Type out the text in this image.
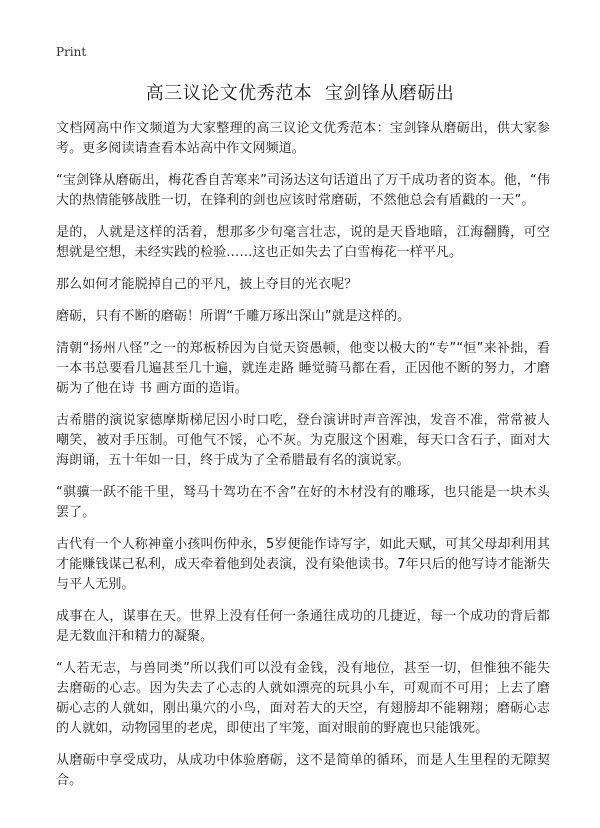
Print
高三议论文优秀范本  宝剑锋从磨砺出

文档网高中作文频道为大家整理的高三议论文优秀范本：宝剑锋从磨砺出，供大家参考。更多阅读请查看本站高中作文网频道。

“宝剑锋从磨砺出，梅花香自苦寒来”司汤达这句话道出了万千成功者的资本。他，“伟大的热情能够战胜一切，在锋利的剑也应该时常磨砺，不然他总会有盾戳的一天”。

是的，人就是这样的活着，想那多少句毫言壮志，说的是天昏地暗，江海翻腾，可空想就是空想，未经实践的检验……这也正如失去了白雪梅花一样平凡。

那么如何才能脱掉自己的平凡，披上夺目的光衣呢？

磨砺，只有不断的磨砺！所谓“千雕万琢出深山”就是这样的。

清朝“扬州八怪”之一的郑板桥因为自觉天资愚顿，他变以极大的“专”“恒”来补拙，看一本书总要看几遍甚至几十遍，就连走路 睡觉骑马都在看，正因他不断的努力，才磨砺为了他在诗 书 画方面的造诣。

古希腊的演说家德摩斯梯尼因小时口吃，登台演讲时声音浑浊，发音不准，常常被人嘲笑，被对手压制。可他气不馁，心不灰。为克服这个困难，每天口含石子，面对大海朗诵，五十年如一日，终于成为了全希腊最有名的演说家。

“骐骥一跃不能千里，驽马十驾功在不舍”在好的木材没有的雕琢，也只能是一块木头罢了。

古代有一个人称神童小孩叫伤仲永，5岁便能作诗写字，如此天赋，可其父母却利用其才能赚钱谋己私利，成天牵着他到处表演，没有染他读书。7年只后的他写诗才能渐失与平人无别。

成事在人，谋事在天。世界上没有任何一条通往成功的几捷近，每一个成功的背后都是无数血汗和精力的凝聚。

“人若无志，与兽同类”所以我们可以没有金钱，没有地位，甚至一切，但惟独不能失去磨砺的心志。因为失去了心志的人就如漂亮的玩具小车，可观而不可用；上去了磨砺心志的人就如，刚出巢穴的小鸟，面对若大的天空，有翅膀却不能翱翔；磨砺心志的人就如，动物园里的老虎，即使出了牢笼，面对眼前的野鹿也只能饿死。

从磨砺中享受成功，从成功中体验磨砺，这不是简单的循环，而是人生里程的无隙契合。
